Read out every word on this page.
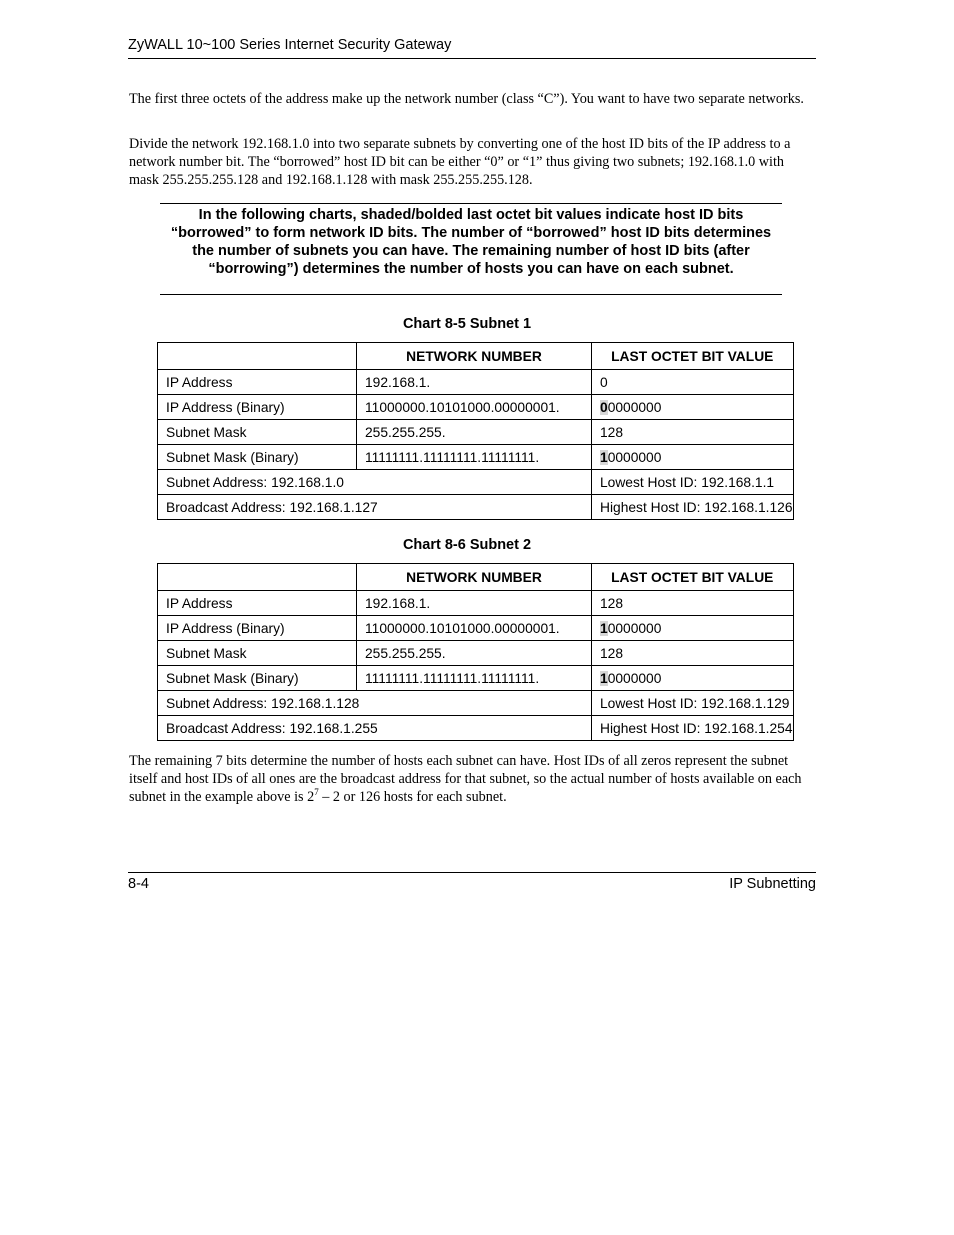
ZyWALL 10~100 Series Internet Security Gateway
The first three octets of the address make up the network number (class “C”). You want to have two separate networks.
Divide the network 192.168.1.0 into two separate subnets by converting one of the host ID bits of the IP address to a network number bit. The “borrowed” host ID bit can be either “0” or “1” thus giving two subnets; 192.168.1.0 with mask 255.255.255.128 and 192.168.1.128 with mask 255.255.255.128.
In the following charts, shaded/bolded last octet bit values indicate host ID bits “borrowed” to form network ID bits. The number of “borrowed” host ID bits determines the number of subnets you can have. The remaining number of host ID bits (after “borrowing”) determines the number of hosts you can have on each subnet.
Chart 8-5 Subnet 1
	NETWORK NUMBER	LAST OCTET BIT VALUE
IP Address	192.168.1.	0
IP Address (Binary)	11000000.10101000.00000001.	00000000
Subnet Mask	255.255.255.	128
Subnet Mask (Binary)	11111111.11111111.11111111.	10000000
Subnet Address: 192.168.1.0		Lowest Host ID: 192.168.1.1
Broadcast Address: 192.168.1.127		Highest Host ID: 192.168.1.126
Chart 8-6 Subnet 2
	NETWORK NUMBER	LAST OCTET BIT VALUE
IP Address	192.168.1.	128
IP Address (Binary)	11000000.10101000.00000001.	10000000
Subnet Mask	255.255.255.	128
Subnet Mask (Binary)	11111111.11111111.11111111.	10000000
Subnet Address: 192.168.1.128		Lowest Host ID: 192.168.1.129
Broadcast Address: 192.168.1.255		Highest Host ID: 192.168.1.254
The remaining 7 bits determine the number of hosts each subnet can have. Host IDs of all zeros represent the subnet itself and host IDs of all ones are the broadcast address for that subnet, so the actual number of hosts available on each subnet in the example above is $2^7 - 2$ or 126 hosts for each subnet.
8-4	IP Subnetting
